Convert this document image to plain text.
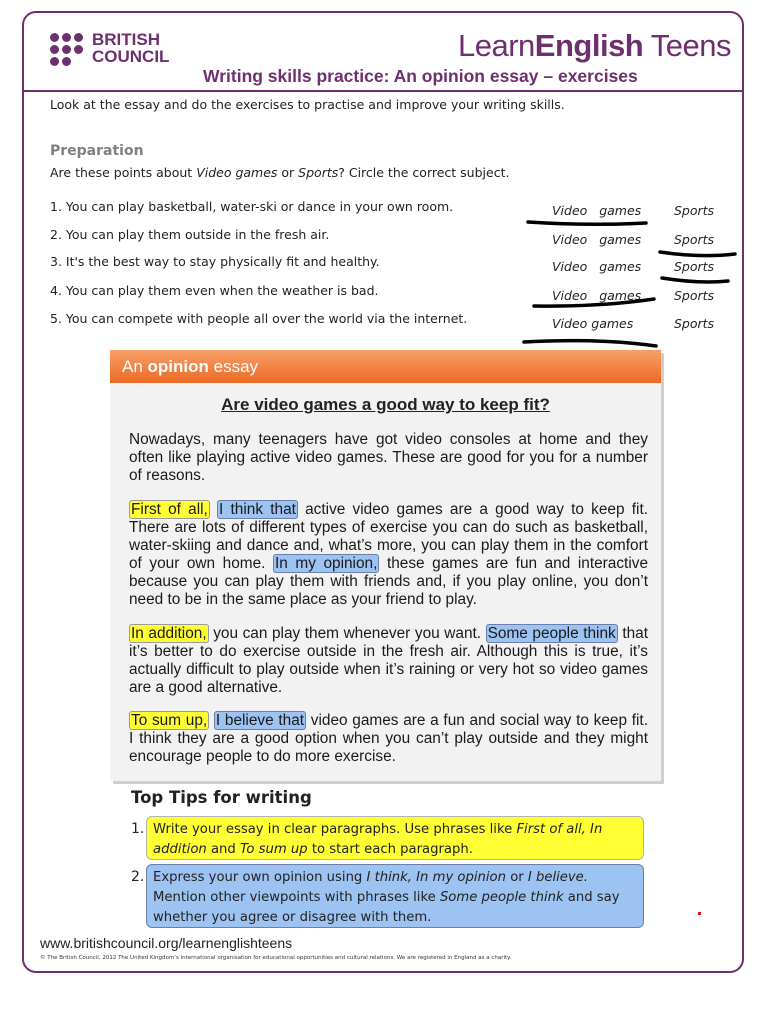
BRITISH
COUNCIL	LearnEnglish Teens
Writing skills practice: An opinion essay – exercises
Look at the essay and do the exercises to practise and improve your writing skills.
Preparation
Are these points about Video games or Sports? Circle the correct subject.
1. You can play basketball, water-ski or dance in your own room.	Video   games	Sports
2. You can play them outside in the fresh air.	Video   games	Sports
3. It's the best way to stay physically fit and healthy.	Video   games	Sports
4. You can play them even when the weather is bad.	Video   games	Sports
5. You can compete with people all over the world via the internet.	Video games	Sports
An opinion essay
Are video games a good way to keep fit?
Nowadays, many teenagers have got video consoles at home and they often like playing active video games. These are good for you for a number of reasons.
First of all, I think that active video games are a good way to keep fit. There are lots of different types of exercise you can do such as basketball, water-skiing and dance and, what’s more, you can play them in the comfort of your own home. In my opinion, these games are fun and interactive because you can play them with friends and, if you play online, you don’t need to be in the same place as your friend to play.
In addition, you can play them whenever you want. Some people think that it’s better to do exercise outside in the fresh air. Although this is true, it’s actually difficult to play outside when it’s raining or very hot so video games are a good alternative.
To sum up, I believe that video games are a fun and social way to keep fit. I think they are a good option when you can’t play outside and they might encourage people to do more exercise.
Top Tips for writing
1. Write your essay in clear paragraphs. Use phrases like First of all, In addition and To sum up to start each paragraph.
2. Express your own opinion using I think, In my opinion or I believe. Mention other viewpoints with phrases like Some people think and say whether you agree or disagree with them.
www.britishcouncil.org/learnenglishteens
© The British Council, 2012 The United Kingdom’s international organisation for educational opportunities and cultural relations. We are registered in England as a charity.
